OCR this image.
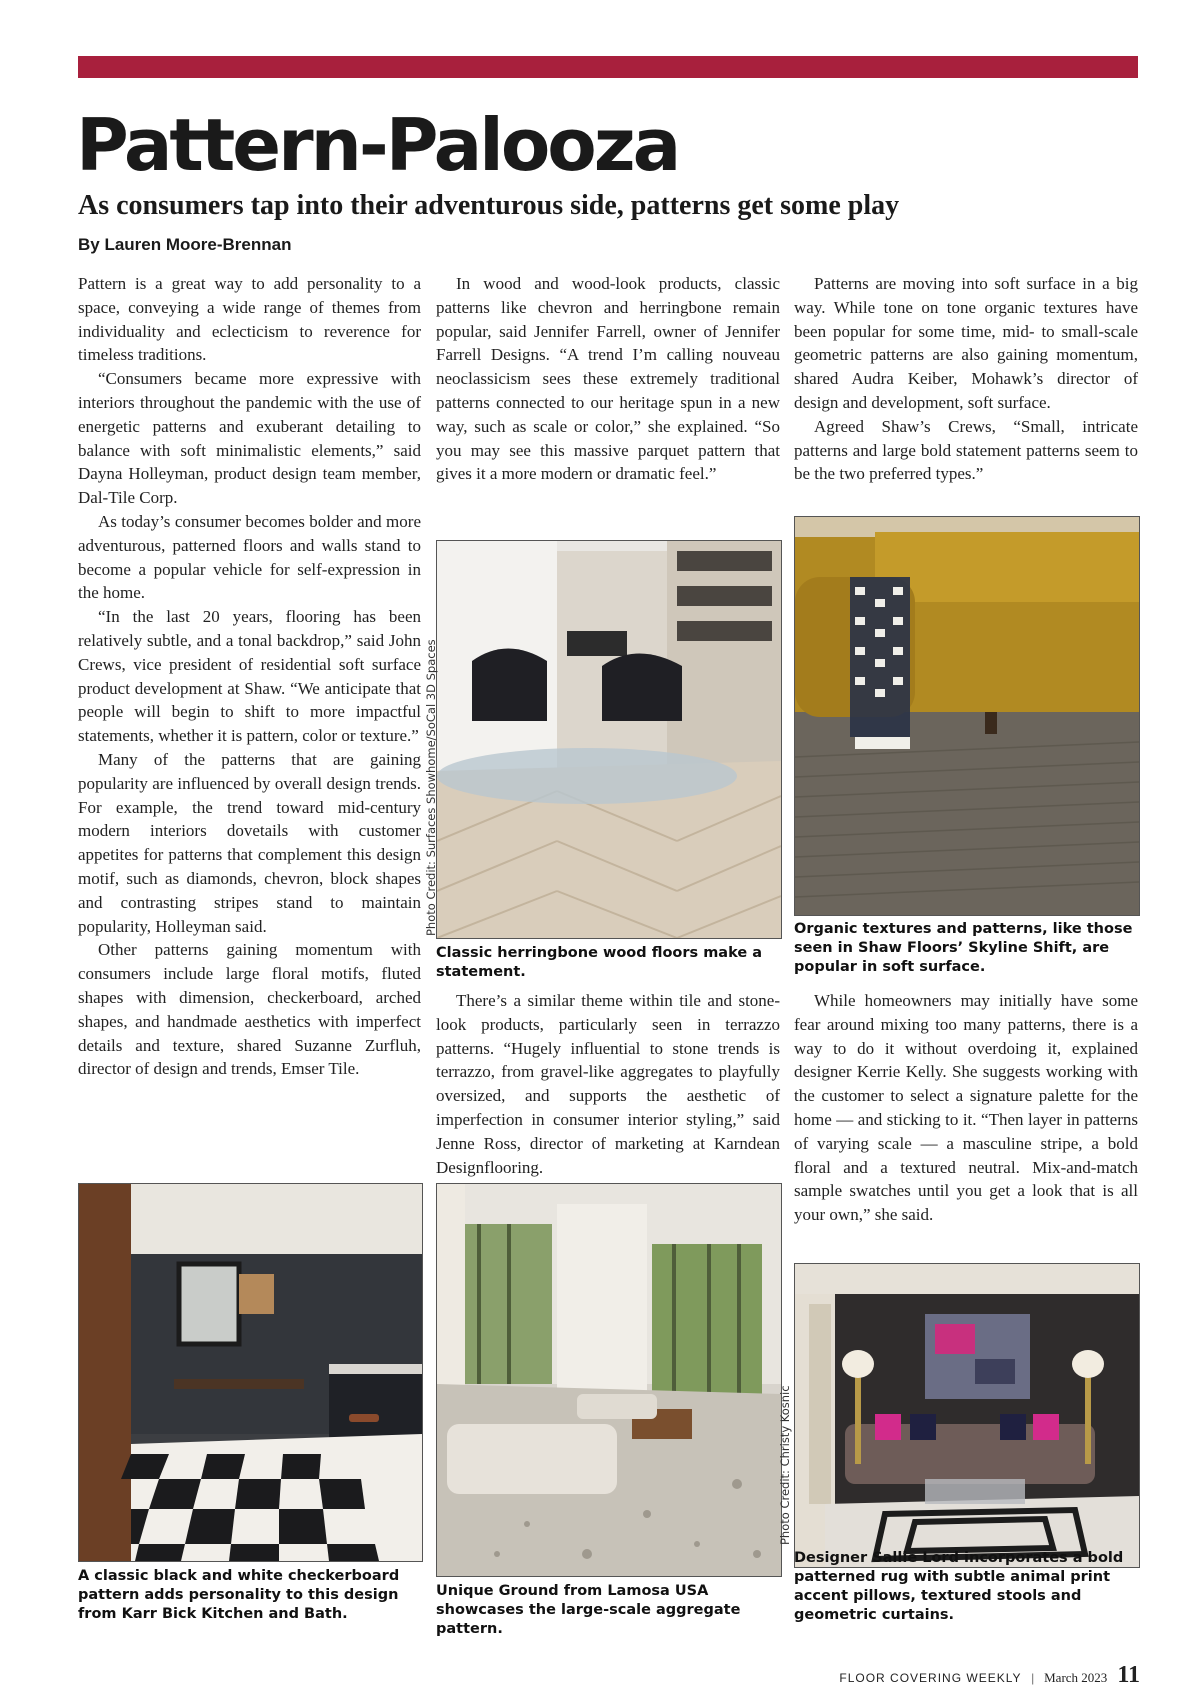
Pattern-Palooza
As consumers tap into their adventurous side, patterns get some play

By Lauren Moore-Brennan

Pattern is a great way to add personality to a space, conveying a wide range of themes from individuality and eclecticism to reverence for timeless traditions.

“Consumers became more expressive with interiors throughout the pandemic with the use of energetic patterns and exuberant detailing to balance with soft minimalistic elements,” said Dayna Holleyman, product design team member, Dal-Tile Corp.

As today’s consumer becomes bolder and more adventurous, patterned floors and walls stand to become a popular vehicle for self-expression in the home.

“In the last 20 years, flooring has been relatively subtle, and a tonal backdrop,” said John Crews, vice president of residential soft surface product development at Shaw. “We anticipate that people will begin to shift to more impactful statements, whether it is pattern, color or texture.”

Many of the patterns that are gaining popularity are influenced by overall design trends. For example, the trend toward mid-century modern interiors dovetails with customer appetites for patterns that complement this design motif, such as diamonds, chevron, block shapes and contrasting stripes stand to maintain popularity, Holleyman said.

Other patterns gaining momentum with consumers include large floral motifs, fluted shapes with dimension, checkerboard, arched shapes, and handmade aesthetics with imperfect details and texture, shared Suzanne Zurfluh, director of design and trends, Emser Tile.

In wood and wood-look products, classic patterns like chevron and herringbone remain popular, said Jennifer Farrell, owner of Jennifer Farrell Designs. “A trend I’m calling nouveau neoclassicism sees these extremely traditional patterns connected to our heritage spun in a new way, such as scale or color,” she explained. “So you may see this massive parquet pattern that gives it a more modern or dramatic feel.”

Photo Credit: Surfaces Showhome/SoCal 3D Spaces

Classic herringbone wood floors make a statement.

There’s a similar theme within tile and stone-look products, particularly seen in terrazzo patterns. “Hugely influential to stone trends is terrazzo, from gravel-like aggregates to playfully oversized, and supports the aesthetic of imperfection in consumer interior styling,” said Jenne Ross, director of marketing at Karndean Designflooring.

Patterns are moving into soft surface in a big way. While tone on tone organic textures have been popular for some time, mid- to small-scale geometric patterns are also gaining momentum, shared Audra Keiber, Mohawk’s director of design and development, soft surface.

Agreed Shaw’s Crews, “Small, intricate patterns and large bold statement patterns seem to be the two preferred types.”

Organic textures and patterns, like those seen in Shaw Floors’ Skyline Shift, are popular in soft surface.

While homeowners may initially have some fear around mixing too many patterns, there is a way to do it without overdoing it, explained designer Kerrie Kelly. She suggests working with the customer to select a signature palette for the home — and sticking to it. “Then layer in patterns of varying scale — a masculine stripe, a bold floral and a textured neutral. Mix-and-match sample swatches until you get a look that is all your own,” she said.

A classic black and white checkerboard pattern adds personality to this design from Karr Bick Kitchen and Bath.

Unique Ground from Lamosa USA showcases the large-scale aggregate pattern.

Photo Credit: Christy Kosnic

Designer Sallie Lord incorporates a bold patterned rug with subtle animal print accent pillows, textured stools and geometric curtains.

FLOOR COVERING WEEKLY | March 2023 11
